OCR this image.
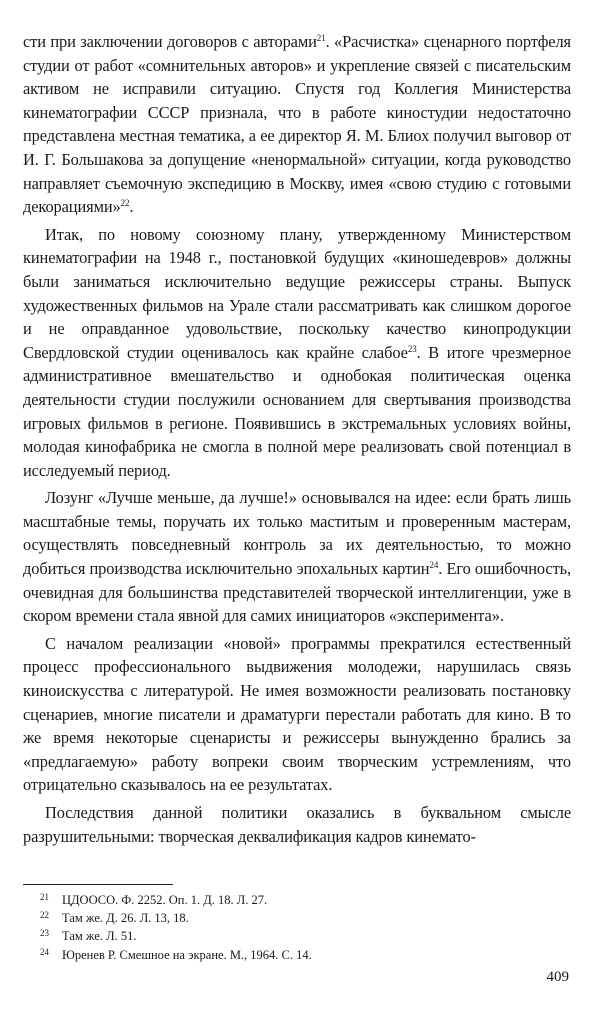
сти при заключении договоров с авторами$^{21}$. «Расчистка» сценарного портфеля студии от работ «сомнительных авторов» и укрепление связей с писательским активом не исправили ситуацию. Спустя год Коллегия Министерства кинематографии СССР признала, что в работе киностудии недостаточно представлена местная тематика, а ее директор Я. М. Блиох получил выговор от И. Г. Большакова за допущение «ненормальной» ситуации, когда руководство направляет съемочную экспедицию в Москву, имея «свою студию с готовыми декорациями»$^{22}$.

Итак, по новому союзному плану, утвержденному Министерством кинематографии на 1948 г., постановкой будущих «киношедевров» должны были заниматься исключительно ведущие режиссеры страны. Выпуск художественных фильмов на Урале стали рассматривать как слишком дорогое и не оправданное удовольствие, поскольку качество кинопродукции Свердловской студии оценивалось как крайне слабое$^{23}$. В итоге чрезмерное административное вмешательство и однобокая политическая оценка деятельности студии послужили основанием для свертывания производства игровых фильмов в регионе. Появившись в экстремальных условиях войны, молодая кинофабрика не смогла в полной мере реализовать свой потенциал в исследуемый период.

Лозунг «Лучше меньше, да лучше!» основывался на идее: если брать лишь масштабные темы, поручать их только маститым и проверенным мастерам, осуществлять повседневный контроль за их деятельностью, то можно добиться производства исключительно эпохальных картин$^{24}$. Его ошибочность, очевидная для большинства представителей творческой интеллигенции, уже в скором времени стала явной для самих инициаторов «эксперимента».

С началом реализации «новой» программы прекратился естественный процесс профессионального выдвижения молодежи, нарушилась связь киноискусства с литературой. Не имея возможности реализовать постановку сценариев, многие писатели и драматурги перестали работать для кино. В то же время некоторые сценаристы и режиссеры вынужденно брались за «предлагаемую» работу вопреки своим творческим устремлениям, что отрицательно сказывалось на ее результатах.

Последствия данной политики оказались в буквальном смысле разрушительными: творческая деквалификация кадров кинемато-

21	ЦДООСО. Ф. 2252. Оп. 1. Д. 18. Л. 27.
22	Там же. Д. 26. Л. 13, 18.
23	Там же. Л. 51.
24	Юренев Р. Смешное на экране. М., 1964. С. 14.
409
